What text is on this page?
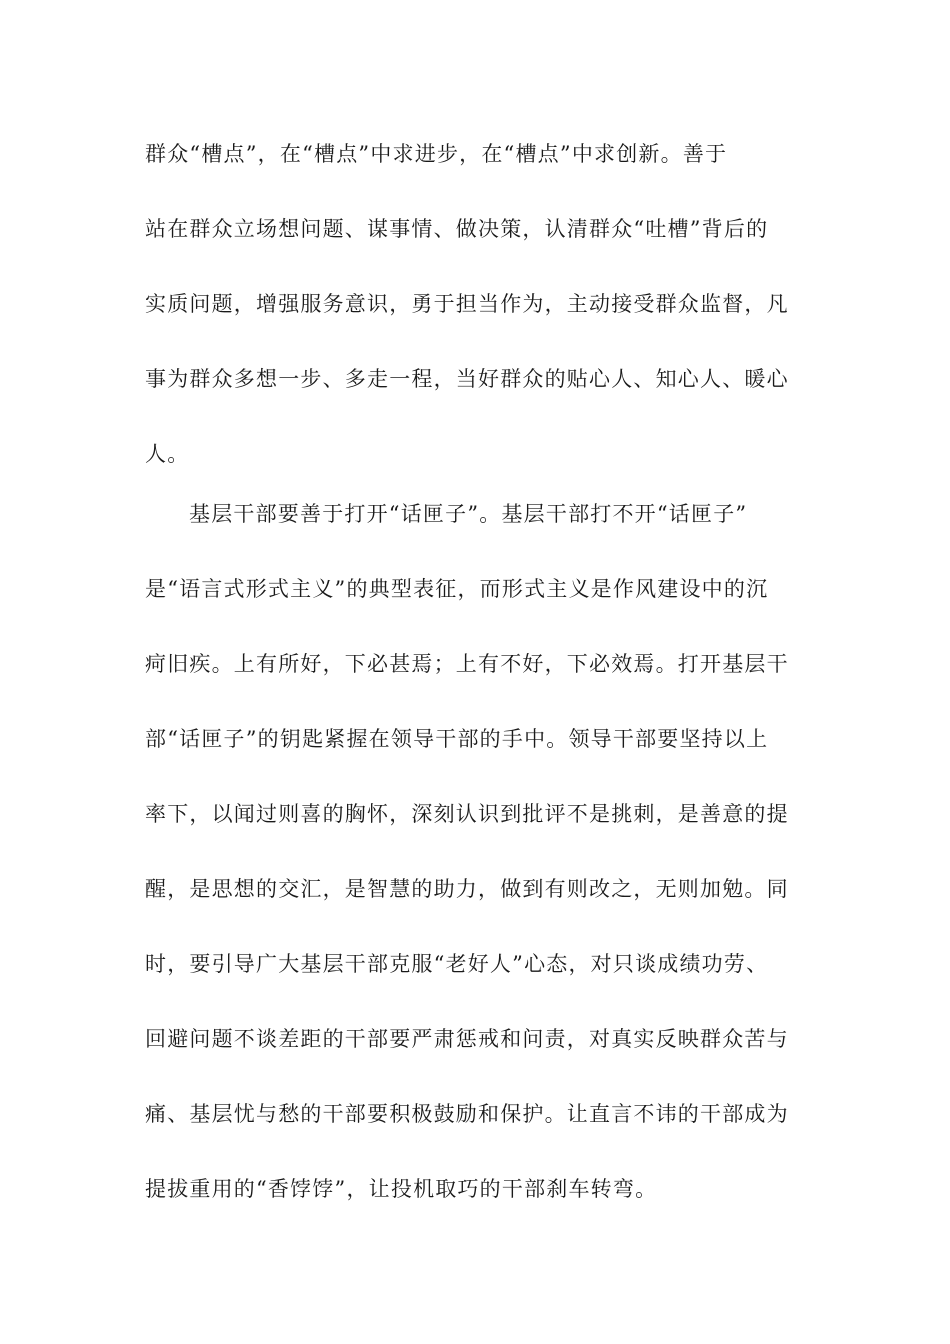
群众“槽点”，在“槽点”中求进步，在“槽点”中求创新。善于
站在群众立场想问题、谋事情、做决策，认清群众“吐槽”背后的
实质问题，增强服务意识，勇于担当作为，主动接受群众监督，凡
事为群众多想一步、多走一程，当好群众的贴心人、知心人、暖心
人。
基层干部要善于打开“话匣子”。基层干部打不开“话匣子”
是“语言式形式主义”的典型表征，而形式主义是作风建设中的沉
疴旧疾。上有所好，下必甚焉；上有不好，下必效焉。打开基层干
部“话匣子”的钥匙紧握在领导干部的手中。领导干部要坚持以上
率下，以闻过则喜的胸怀，深刻认识到批评不是挑刺，是善意的提
醒，是思想的交汇，是智慧的助力，做到有则改之，无则加勉。同
时，要引导广大基层干部克服“老好人”心态，对只谈成绩功劳、
回避问题不谈差距的干部要严肃惩戒和问责，对真实反映群众苦与
痛、基层忧与愁的干部要积极鼓励和保护。让直言不讳的干部成为
提拔重用的“香饽饽”，让投机取巧的干部刹车转弯。
